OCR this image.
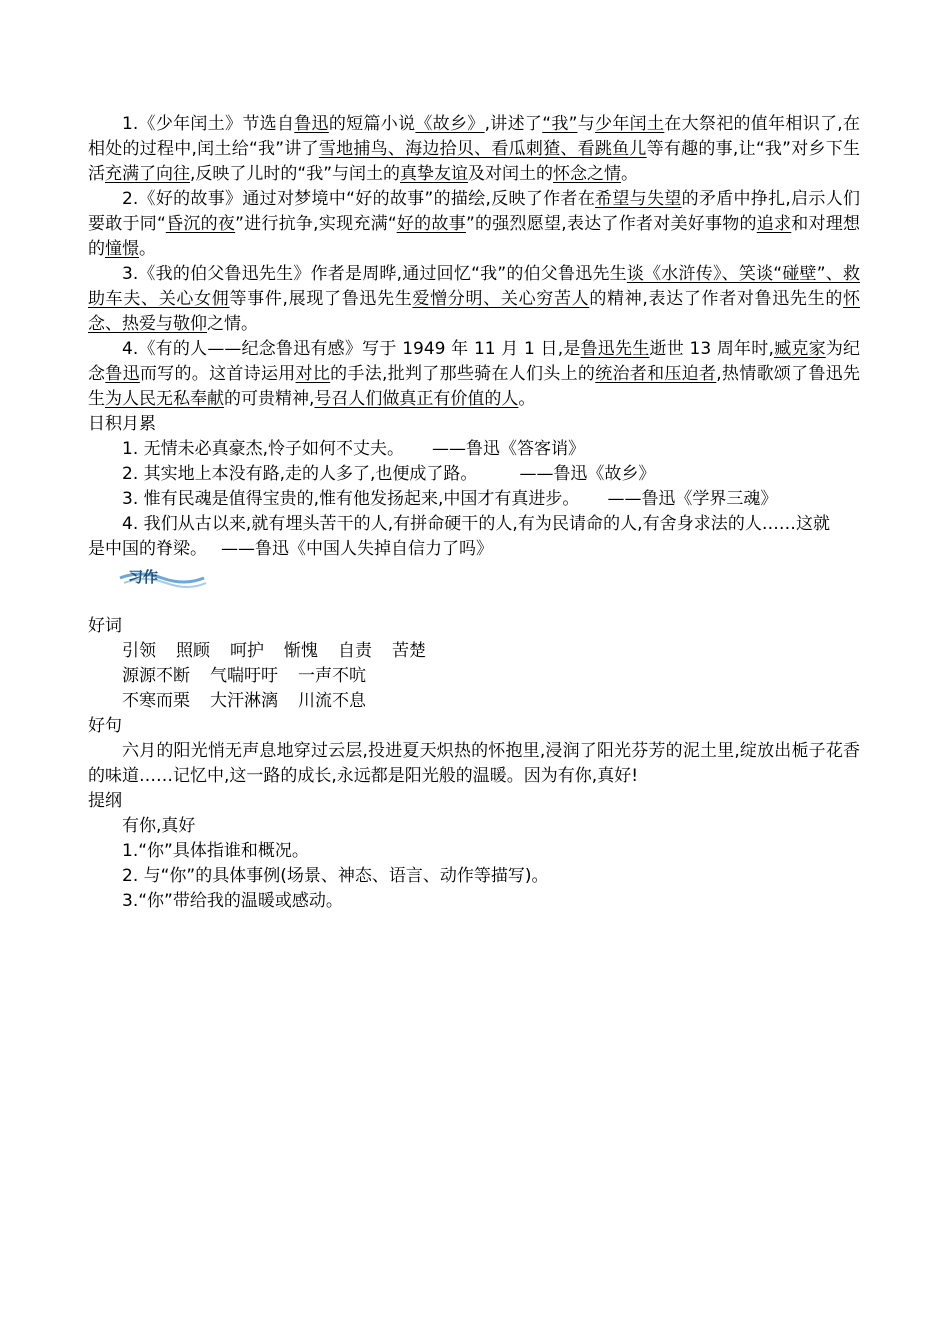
1.《少年闰土》节选自鲁迅的短篇小说《故乡》,讲述了“我”与少年闰土在大祭祀的值年相识了,在相处的过程中,闰土给“我”讲了雪地捕鸟、海边拾贝、看瓜刺猹、看跳鱼儿等有趣的事,让“我”对乡下生活充满了向往,反映了儿时的“我”与闰土的真挚友谊及对闰土的怀念之情。

2.《好的故事》通过对梦境中“好的故事”的描绘,反映了作者在希望与失望的矛盾中挣扎,启示人们要敢于同“昏沉的夜”进行抗争,实现充满“好的故事”的强烈愿望,表达了作者对美好事物的追求和对理想的憧憬。

3.《我的伯父鲁迅先生》作者是周晔,通过回忆“我”的伯父鲁迅先生谈《水浒传》、笑谈“碰壁”、救助车夫、关心女佣等事件,展现了鲁迅先生爱憎分明、关心穷苦人的精神,表达了作者对鲁迅先生的怀念、热爱与敬仰之情。

4.《有的人——纪念鲁迅有感》写于 1949 年 11 月 1 日,是鲁迅先生逝世 13 周年时,臧克家为纪念鲁迅而写的。这首诗运用对比的手法,批判了那些骑在人们头上的统治者和压迫者,热情歌颂了鲁迅先生为人民无私奉献的可贵精神,号召人们做真正有价值的人。

日积月累

1. 无情未必真豪杰,怜子如何不丈夫。 ——鲁迅《答客诮》

2. 其实地上本没有路,走的人多了,也便成了路。 ——鲁迅《故乡》

3. 惟有民魂是值得宝贵的,惟有他发扬起来,中国才有真进步。 ——鲁迅《学界三魂》

4. 我们从古以来,就有埋头苦干的人,有拼命硬干的人,有为民请命的人,有舍身求法的人……这就是中国的脊梁。 ——鲁迅《中国人失掉自信力了吗》

习作

好词

引领 照顾 呵护 惭愧 自责 苦楚

源源不断 气喘吁吁 一声不吭

不寒而栗 大汗淋漓 川流不息

好句

六月的阳光悄无声息地穿过云层,投进夏天炽热的怀抱里,浸润了阳光芬芳的泥土里,绽放出栀子花香的味道……记忆中,这一路的成长,永远都是阳光般的温暖。因为有你,真好!

提纲

有你,真好

1.“你”具体指谁和概况。

2. 与“你”的具体事例(场景、神态、语言、动作等描写)。

3.“你”带给我的温暖或感动。
